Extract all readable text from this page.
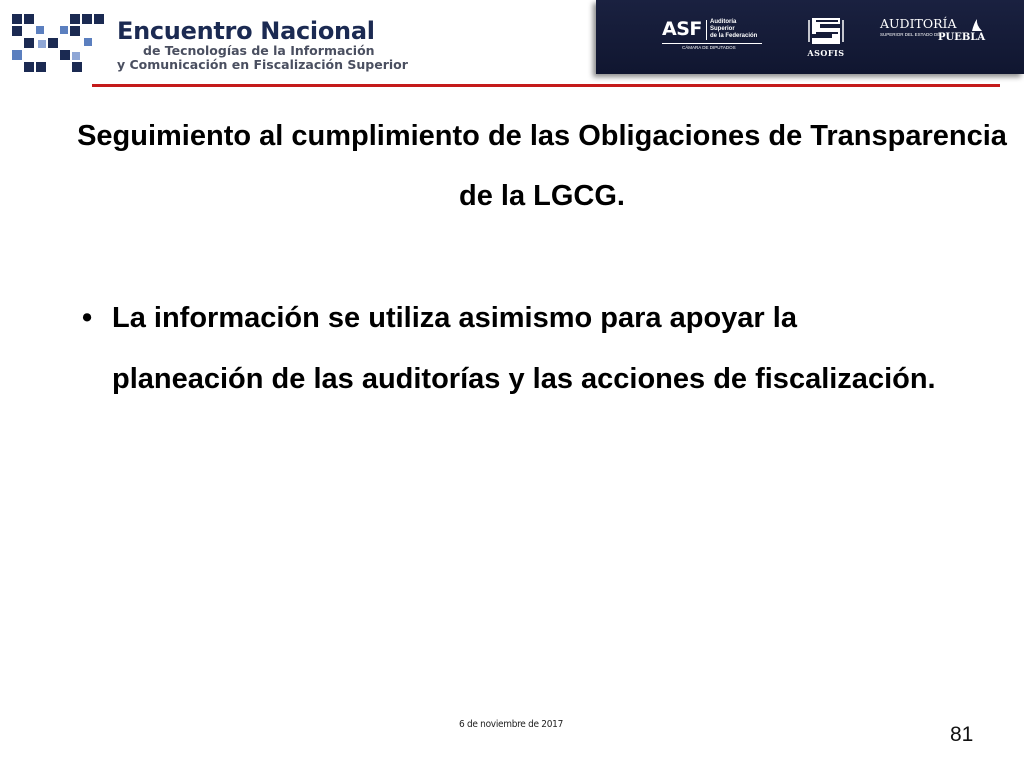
Encuentro Nacional
de Tecnologías de la Información
y Comunicación en Fiscalización Superior
ASF Auditoría
Superior
de la Federación
CÁMARA DE DIPUTADOS
ASOFIS
AUDITORÍA
SUPERIOR DEL ESTADO DE
PUEBLA
Seguimiento al cumplimiento de las Obligaciones de Transparencia de la LGCG.
• La información se utiliza asimismo para apoyar la planeación de las auditorías y las acciones de fiscalización.
6 de noviembre de 2017	81
